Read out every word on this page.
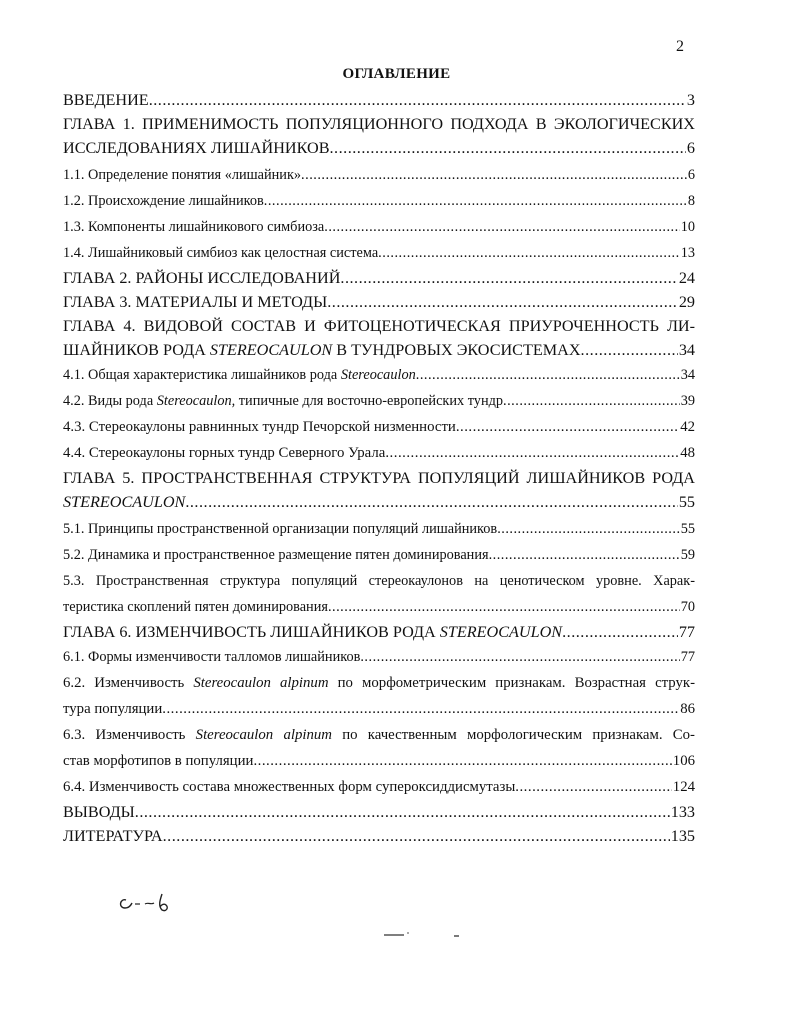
2
ОГЛАВЛЕНИЕ
ВВЕДЕНИЕ .....	3
ГЛАВА 1. ПРИМЕНИМОСТЬ ПОПУЛЯЦИОННОГО ПОДХОДА В ЭКОЛОГИЧЕСКИХ
ИССЛЕДОВАНИЯХ ЛИШАЙНИКОВ .....	6
1.1. Определение понятия «лишайник» .....	6
1.2. Происхождение лишайников .....	8
1.3. Компоненты лишайникового симбиоза .....	10
1.4. Лишайниковый симбиоз как целостная система .....	13
ГЛАВА 2. РАЙОНЫ ИССЛЕДОВАНИЙ .....	24
ГЛАВА 3. МАТЕРИАЛЫ И МЕТОДЫ .....	29
ГЛАВА 4. ВИДОВОЙ СОСТАВ И ФИТОЦЕНОТИЧЕСКАЯ ПРИУРОЧЕННОСТЬ ЛИ-
ШАЙНИКОВ РОДА STEREOCAULON В ТУНДРОВЫХ ЭКОСИСТЕМАХ .....	34
4.1. Общая характеристика лишайников рода Stereocaulon .....	34
4.2. Виды рода Stereocaulon, типичные для восточно-европейских тундр .....	39
4.3. Стереокаулоны равнинных тундр Печорской низменности .....	42
4.4. Стереокаулоны горных тундр Северного Урала .....	48
ГЛАВА 5. ПРОСТРАНСТВЕННАЯ СТРУКТУРА ПОПУЛЯЦИЙ ЛИШАЙНИКОВ РОДА
STEREOCAULON .....	55
5.1. Принципы пространственной организации популяций лишайников .....	55
5.2. Динамика и пространственное размещение пятен доминирования .....	59
5.3. Пространственная структура популяций стереокаулонов на ценотическом уровне. Харак-
теристика скоплений пятен доминирования .....	70
ГЛАВА 6. ИЗМЕНЧИВОСТЬ ЛИШАЙНИКОВ РОДА STEREOCAULON .....	77
6.1. Формы изменчивости талломов лишайников .....	77
6.2. Изменчивость Stereocaulon alpinum по морфометрическим признакам. Возрастная струк-
тура популяции .....	86
6.3. Изменчивость Stereocaulon alpinum по качественным морфологическим признакам. Со-
став морфотипов в популяции .....	106
6.4. Изменчивость состава множественных форм супероксиддисмутазы .....	124
ВЫВОДЫ .....	133
ЛИТЕРАТУРА .....	135
